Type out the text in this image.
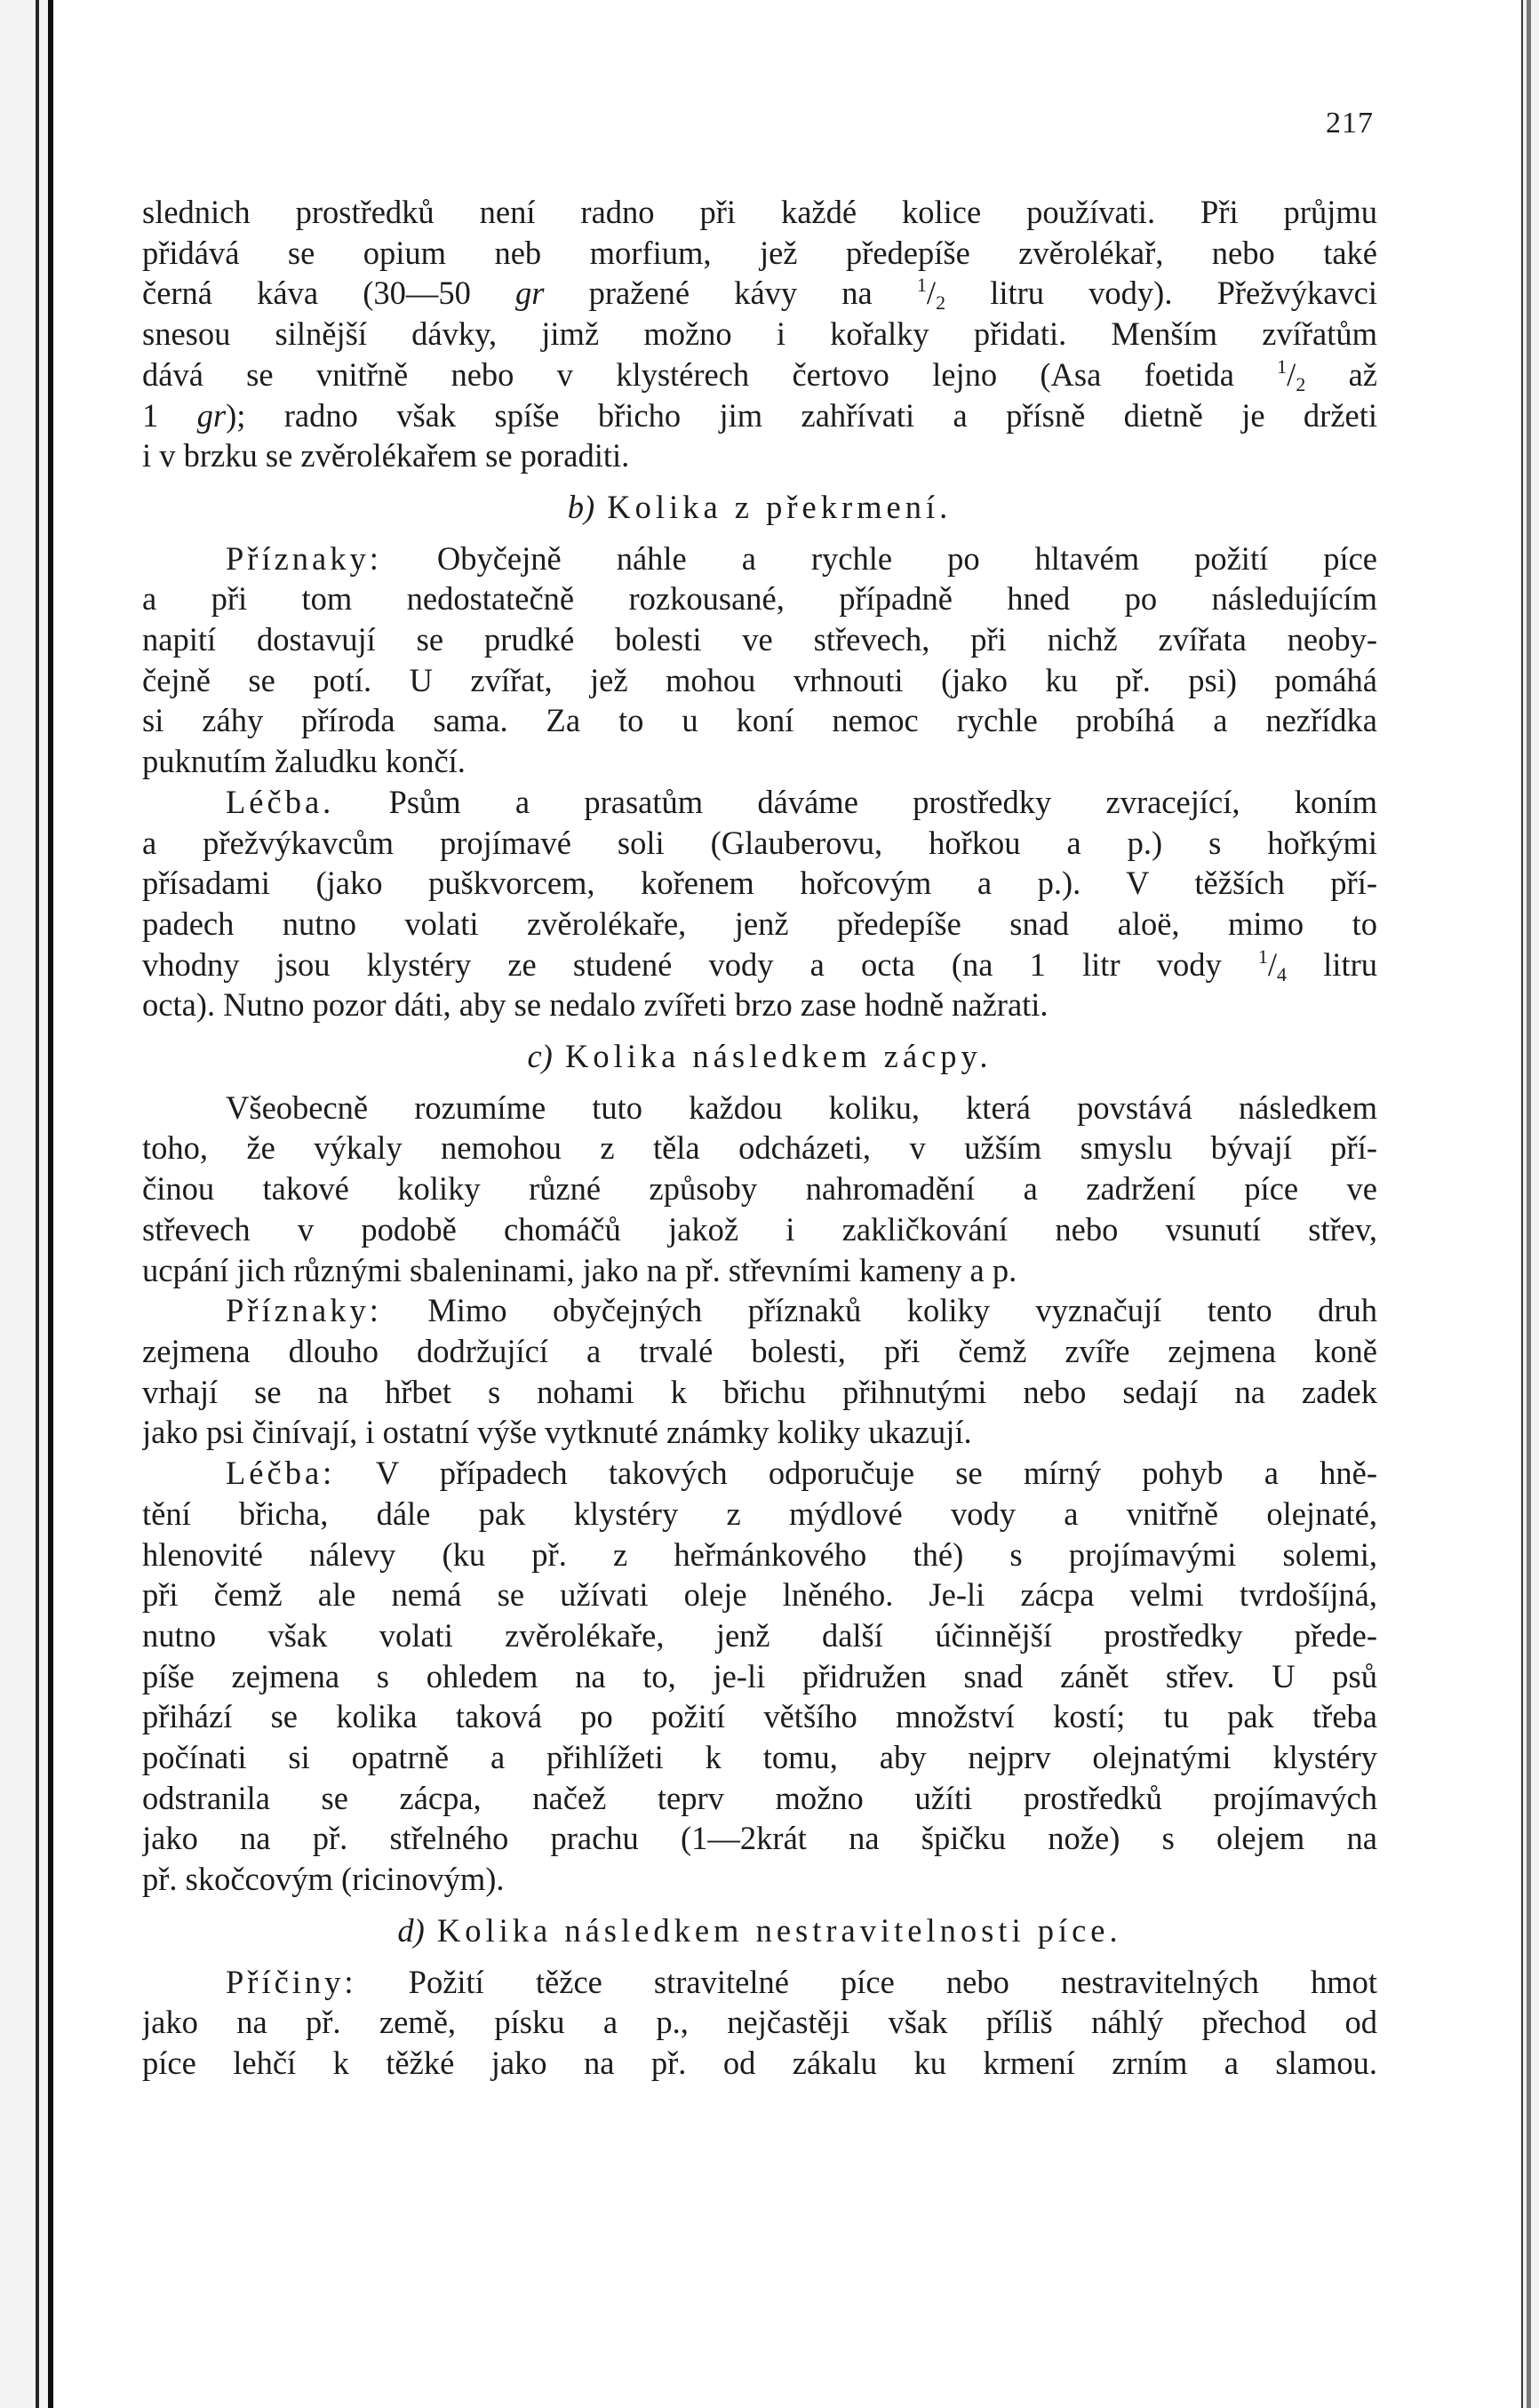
217

slednich prostředků není radno při každé kolice používati. Při průjmu
přidává se opium neb morfium, jež předepíše zvěrolékař, nebo také
černá káva (30—50 gr pražené kávy na $^1/_2$ litru vody). Přežvýkavci
snesou silnější dávky, jimž možno i kořalky přidati. Menším zvířatům
dává se vnitřně nebo v klystérech čertovo lejno (Asa foetida $^1/_2$ až
1 gr); radno však spíše břicho jim zahřívati a přísně dietně je držeti
i v brzku se zvěrolékařem se poraditi.

b) Kolika z překrmení.

Příznaky: Obyčejně náhle a rychle po hltavém požití píce
a při tom nedostatečně rozkousané, případně hned po následujícím
napití dostavují se prudké bolesti ve střevech, při nichž zvířata neoby-
čejně se potí. U zvířat, jež mohou vrhnouti (jako ku př. psi) pomáhá
si záhy příroda sama. Za to u koní nemoc rychle probíhá a nezřídka
puknutím žaludku končí.

Léčba. Psům a prasatům dáváme prostředky zvracející, koním
a přežvýkavcům projímavé soli (Glauberovu, hořkou a p.) s hořkými
přísadami (jako puškvorcem, kořenem hořcovým a p.). V těžších pří-
padech nutno volati zvěrolékaře, jenž předepíše snad aloë, mimo to
vhodny jsou klystéry ze studené vody a octa (na 1 litr vody $^1/_4$ litru
octa). Nutno pozor dáti, aby se nedalo zvířeti brzo zase hodně nažrati.

c) Kolika následkem zácpy.

Všeobecně rozumíme tuto každou koliku, která povstává následkem
toho, že výkaly nemohou z těla odcházeti, v užším smyslu bývají pří-
činou takové koliky různé způsoby nahromadění a zadržení píce ve
střevech v podobě chomáčů jakož i zakličkování nebo vsunutí střev,
ucpání jich různými sbaleninami, jako na př. střevními kameny a p.

Příznaky: Mimo obyčejných příznaků koliky vyznačují tento druh
zejmena dlouho dodržující a trvalé bolesti, při čemž zvíře zejmena koně
vrhají se na hřbet s nohami k břichu přihnutými nebo sedají na zadek
jako psi činívají, i ostatní výše vytknuté známky koliky ukazují.

Léčba: V případech takových odporučuje se mírný pohyb a hně-
tění břicha, dále pak klystéry z mýdlové vody a vnitřně olejnaté,
hlenovité nálevy (ku př. z heřmánkového thé) s projímavými solemi,
při čemž ale nemá se užívati oleje lněného. Je-li zácpa velmi tvrdošíjná,
nutno však volati zvěrolékaře, jenž další účinnější prostředky přede-
píše zejmena s ohledem na to, je-li přidružen snad zánět střev. U psů
přihází se kolika taková po požití většího množství kostí; tu pak třeba
počínati si opatrně a přihlížeti k tomu, aby nejprv olejnatými klystéry
odstranila se zácpa, načež teprv možno užíti prostředků projímavých
jako na př. střelného prachu (1—2krát na špičku nože) s olejem na
př. skočcovým (ricinovým).

d) Kolika následkem nestravitelnosti píce.

Příčiny: Požití těžce stravitelné píce nebo nestravitelných hmot
jako na př. země, písku a p., nejčastěji však příliš náhlý přechod od
píce lehčí k těžké jako na př. od zákalu ku krmení zrním a slamou.
